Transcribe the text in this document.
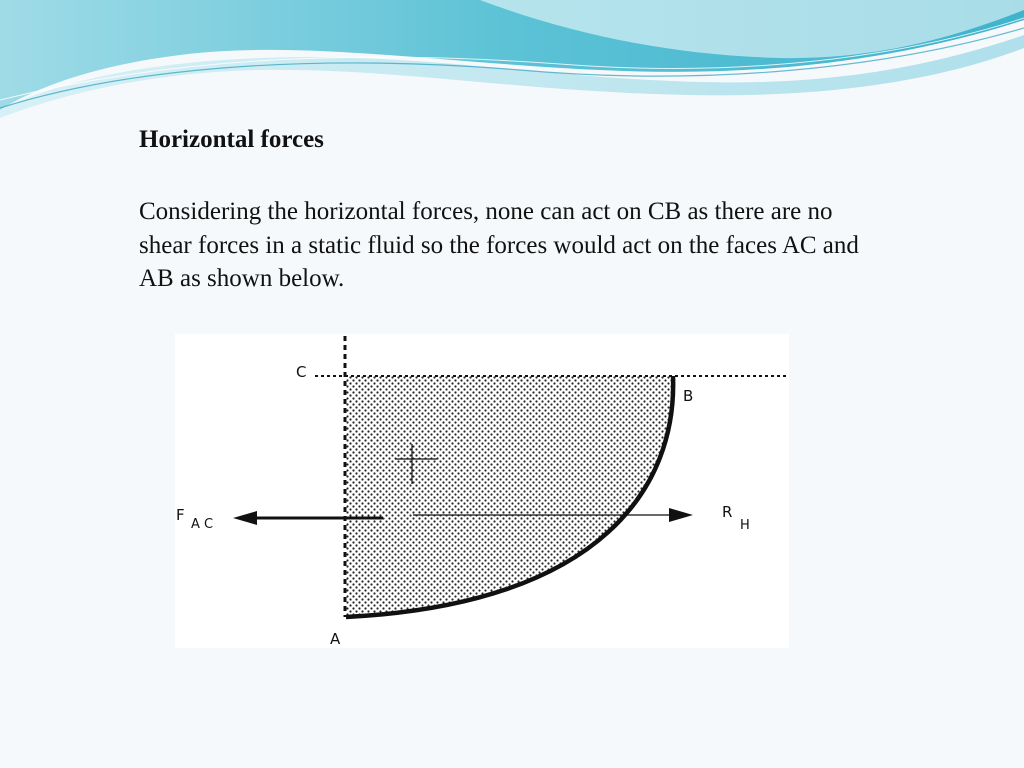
Horizontal forces

Considering the horizontal forces, none can act on CB as there are no shear forces in a static fluid so the forces would act on the faces AC and AB as shown below.

C
B
A
F
A C
R
H
